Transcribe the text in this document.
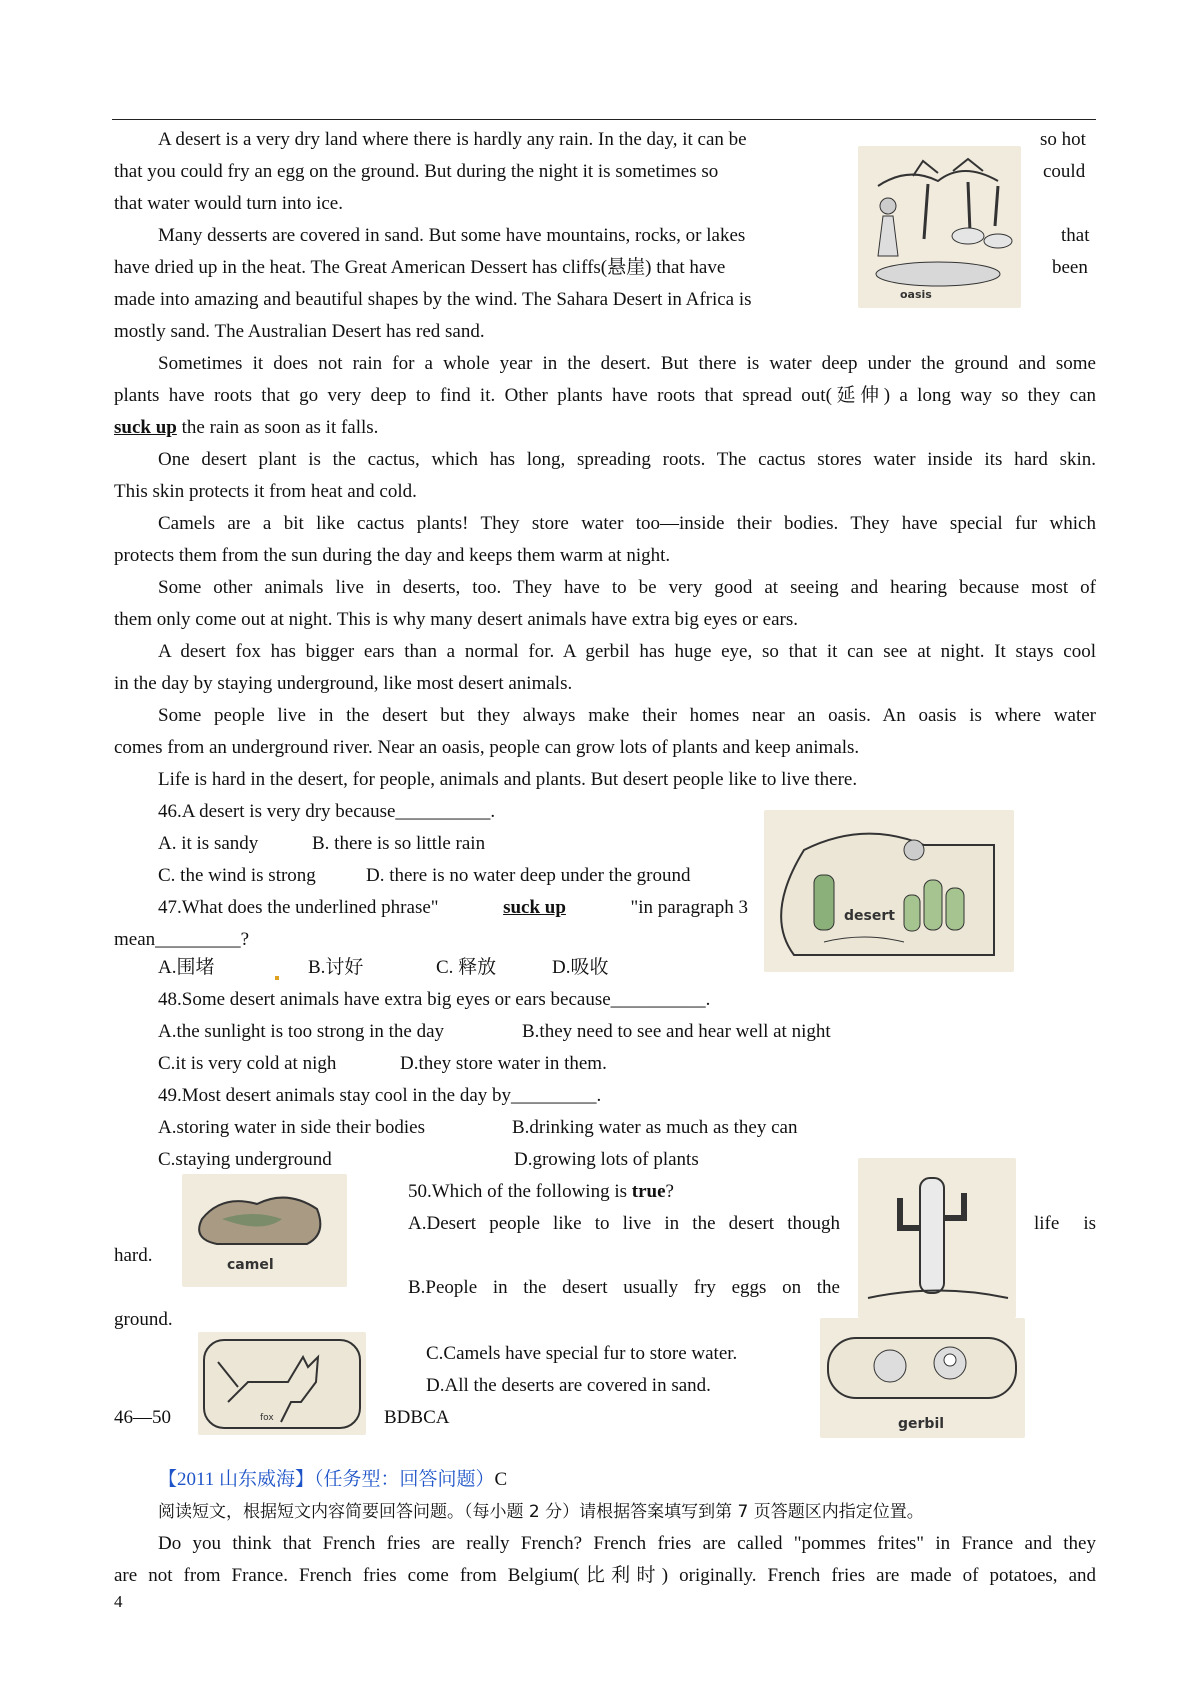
A desert is a very dry land where there is hardly any rain. In the day, it can be	so hot
that you could fry an egg on the ground. But during the night it is sometimes so	could
that water would turn into ice.
Many desserts are covered in sand. But some have mountains, rocks, or lakes	that
have dried up in the heat. The Great American Dessert has cliffs(悬崖) that have	been
made into amazing and beautiful shapes by the wind. The Sahara Desert in Africa is
mostly sand. The Australian Desert has red sand.
Sometimes it does not rain for a whole year in the desert. But there is water deep under the ground and some
plants have roots that go very deep to find it. Other plants have roots that spread out(延伸) a long way so they can
suck up the rain as soon as it falls.
One desert plant is the cactus, which has long, spreading roots. The cactus stores water inside its hard skin.
This skin protects it from heat and cold.
Camels are a bit like cactus plants! They store water too—inside their bodies. They have special fur which
protects them from the sun during the day and keeps them warm at night.
Some other animals live in deserts, too. They have to be very good at seeing and hearing because most of
them only come out at night. This is why many desert animals have extra big eyes or ears.
A desert fox has bigger ears than a normal for. A gerbil has huge eye, so that it can see at night. It stays cool
in the day by staying underground, like most desert animals.
Some people live in the desert but they always make their homes near an oasis. An oasis is where water
comes from an underground river. Near an oasis, people can grow lots of plants and keep animals.
Life is hard in the desert, for people, animals and plants. But desert people like to live there.
46.A desert is very dry because__________.
A. it is sandy	B. there is so little rain
C. the wind is strong	D. there is no water deep under the ground
47.What does the underlined phrase"	suck up	"in paragraph 3
mean_________?
A.围堵	B.讨好	C. 释放	D.吸收
48.Some desert animals have extra big eyes or ears because__________.
A.the sunlight is too strong in the day	B.they need to see and hear well at night
C.it is very cold at nigh	D.they store water in them.
49.Most desert animals stay cool in the day by_________.
A.storing water in side their bodies	B.drinking water as much as they can
C.staying underground	D.growing lots of plants
50.Which of the following is true?
A.Desert people like to live in the desert though	life is
hard.
B.People in the desert usually fry eggs on the
ground.
C.Camels have special fur to store water.
D.All the deserts are covered in sand.
46—50	BDBCA
【2011 山东威海】（任务型：回答问题）C
阅读短文，根据短文内容简要回答问题。（每小题 2 分）请根据答案填写到第 7 页答题区内指定位置。
Do you think that French fries are really French? French fries are called "pommes frites" in France and they
are not from France. French fries come from Belgium(比利时) originally. French fries are made of potatoes, and
4
oasis
desert
camel
fox	gerbil
